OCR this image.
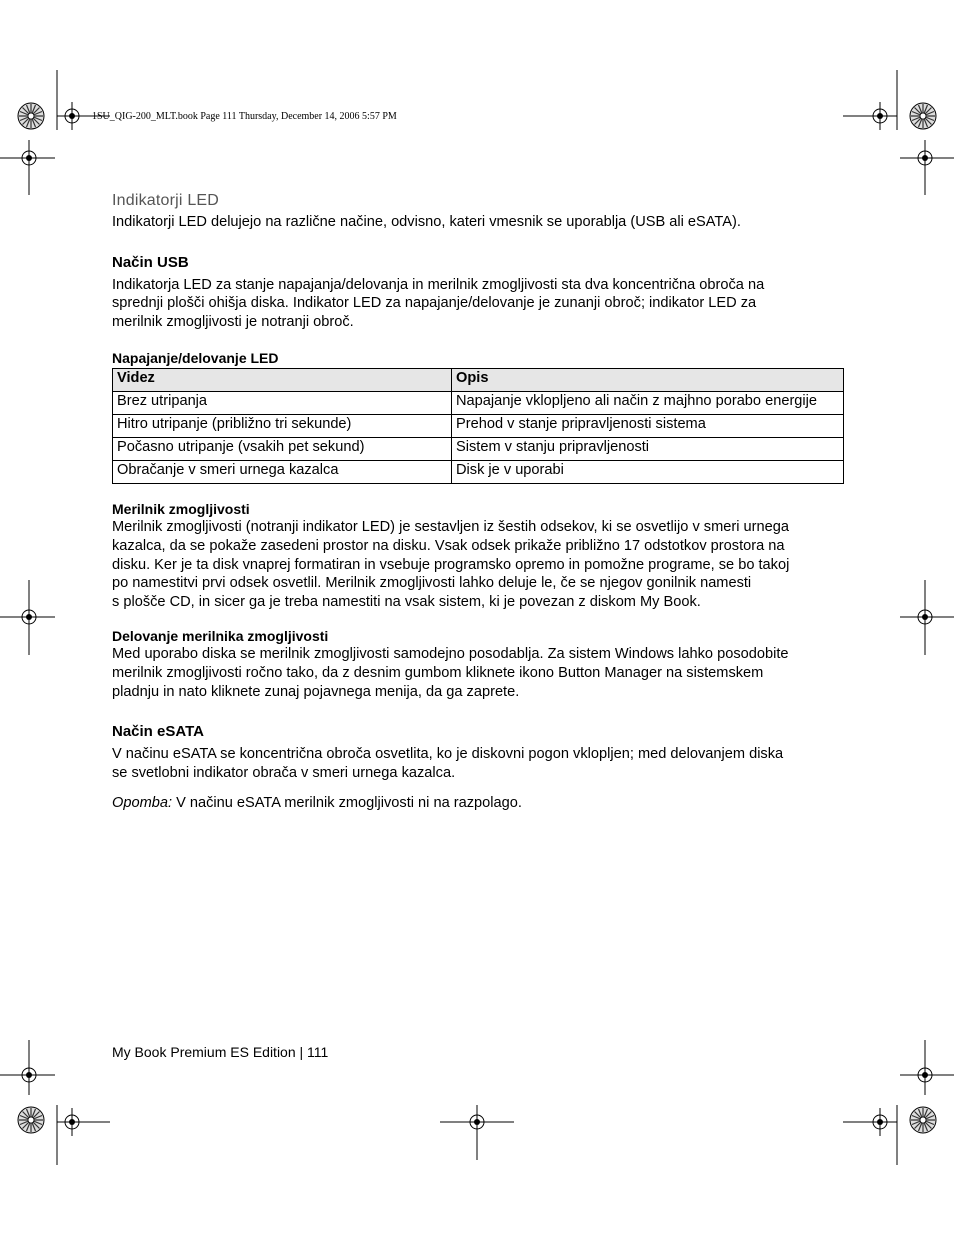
1SU_QIG-200_MLT.book Page 111 Thursday, December 14, 2006 5:57 PM
Indikatorji LED

Indikatorji LED delujejo na različne načine, odvisno, kateri vmesnik se uporablja (USB ali eSATA).

Način USB

Indikatorja LED za stanje napajanja/delovanja in merilnik zmogljivosti sta dva koncentrična obroča na
sprednji plošči ohišja diska. Indikator LED za napajanje/delovanje je zunanji obroč; indikator LED za
merilnik zmogljivosti je notranji obroč.

Napajanje/delovanje LED
Videz	Opis
Brez utripanja	Napajanje vklopljeno ali način z majhno porabo energije
Hitro utripanje (približno tri sekunde)	Prehod v stanje pripravljenosti sistema
Počasno utripanje (vsakih pet sekund)	Sistem v stanju pripravljenosti
Obračanje v smeri urnega kazalca	Disk je v uporabi
Merilnik zmogljivosti

Merilnik zmogljivosti (notranji indikator LED) je sestavljen iz šestih odsekov, ki se osvetlijo v smeri urnega
kazalca, da se pokaže zasedeni prostor na disku. Vsak odsek prikaže približno 17 odstotkov prostora na
disku. Ker je ta disk vnaprej formatiran in vsebuje programsko opremo in pomožne programe, se bo takoj
po namestitvi prvi odsek osvetlil. Merilnik zmogljivosti lahko deluje le, če se njegov gonilnik namesti
s plošče CD, in sicer ga je treba namestiti na vsak sistem, ki je povezan z diskom My Book.

Delovanje merilnika zmogljivosti

Med uporabo diska se merilnik zmogljivosti samodejno posodablja. Za sistem Windows lahko posodobite
merilnik zmogljivosti ročno tako, da z desnim gumbom kliknete ikono Button Manager na sistemskem
pladnju in nato kliknete zunaj pojavnega menija, da ga zaprete.

Način eSATA

V načinu eSATA se koncentrična obroča osvetlita, ko je diskovni pogon vklopljen; med delovanjem diska
se svetlobni indikator obrača v smeri urnega kazalca.

Opomba: V načinu eSATA merilnik zmogljivosti ni na razpolago.

My Book Premium ES Edition | 111
